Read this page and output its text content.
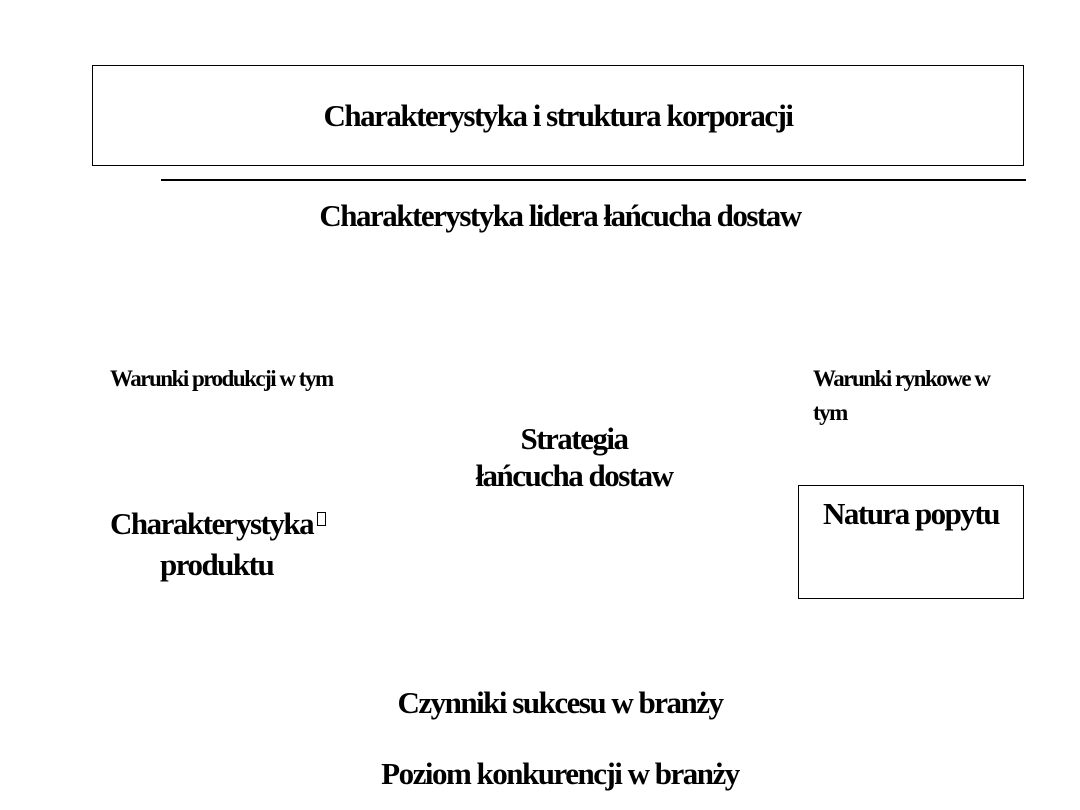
Charakterystyka i struktura korporacji
Charakterystyka lidera łańcucha dostaw
Warunki produkcji w tym	Warunki rynkowe w tym
Strategia łańcucha dostaw
Charakterystyka
produktu
Natura popytu
Czynniki sukcesu w branży
Poziom konkurencji w branży
